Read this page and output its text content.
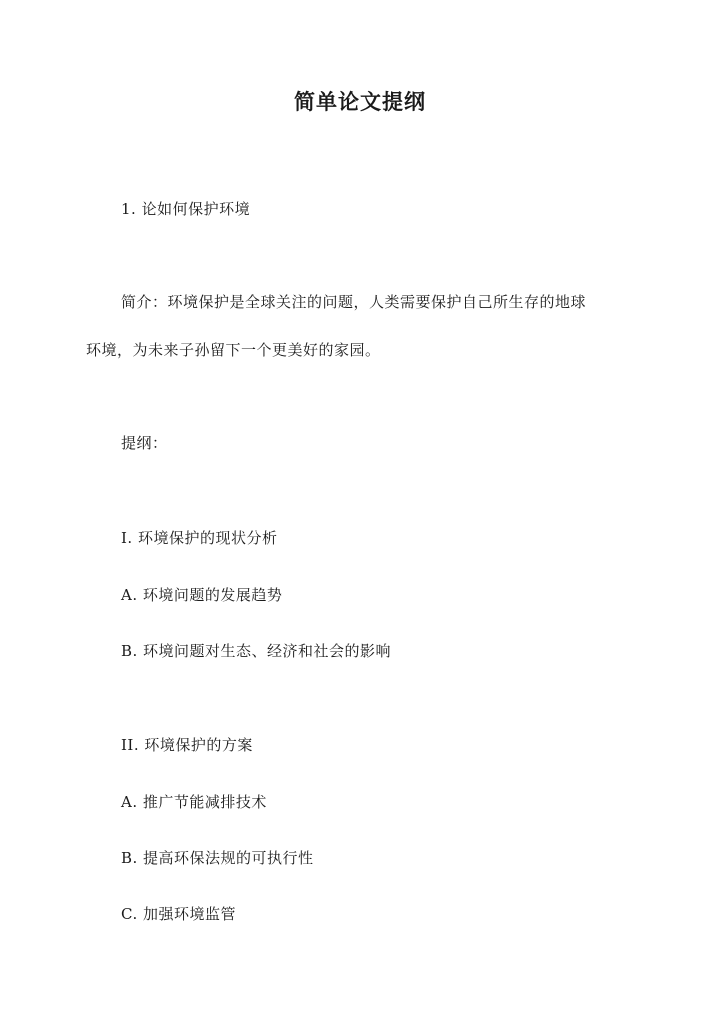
简单论文提纲
1. 论如何保护环境
简介：环境保护是全球关注的问题，人类需要保护自己所生存的地球
环境，为未来子孙留下一个更美好的家园。
提纲：
I. 环境保护的现状分析
A. 环境问题的发展趋势
B. 环境问题对生态、经济和社会的影响
II. 环境保护的方案
A. 推广节能减排技术
B. 提高环保法规的可执行性
C. 加强环境监管
